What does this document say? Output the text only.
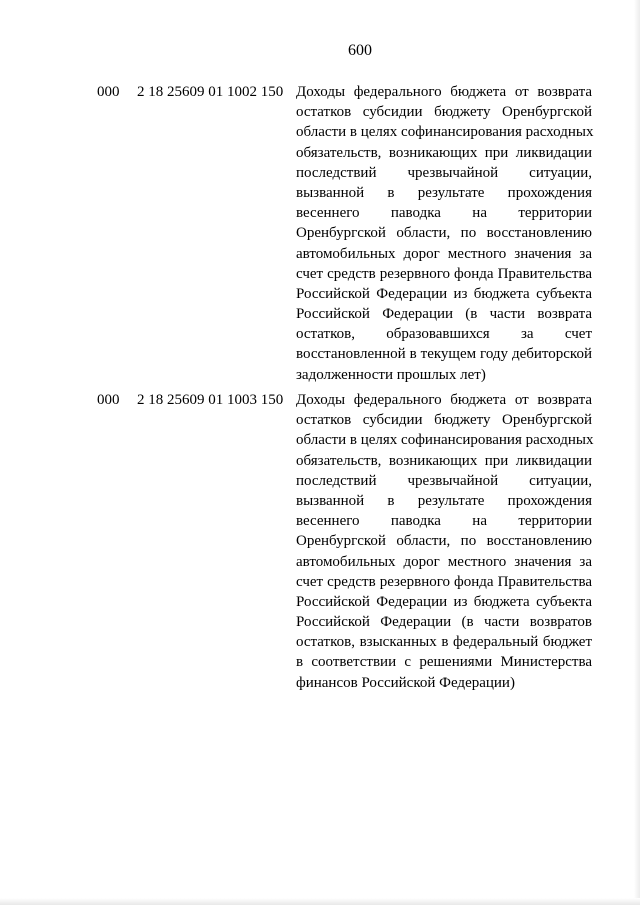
600
000 2 18 25609 01 1002 150 Доходы федерального бюджета от возврата
остатков субсидии бюджету Оренбургской
области в целях софинансирования расходных
обязательств, возникающих при ликвидации
последствий чрезвычайной ситуации,
вызванной в результате прохождения
весеннего паводка на территории
Оренбургской области, по восстановлению
автомобильных дорог местного значения за
счет средств резервного фонда Правительства
Российской Федерации из бюджета субъекта
Российской Федерации (в части возврата
остатков, образовавшихся за счет
восстановленной в текущем году дебиторской
задолженности прошлых лет)
000 2 18 25609 01 1003 150 Доходы федерального бюджета от возврата
остатков субсидии бюджету Оренбургской
области в целях софинансирования расходных
обязательств, возникающих при ликвидации
последствий чрезвычайной ситуации,
вызванной в результате прохождения
весеннего паводка на территории
Оренбургской области, по восстановлению
автомобильных дорог местного значения за
счет средств резервного фонда Правительства
Российской Федерации из бюджета субъекта
Российской Федерации (в части возвратов
остатков, взысканных в федеральный бюджет
в соответствии с решениями Министерства
финансов Российской Федерации)
